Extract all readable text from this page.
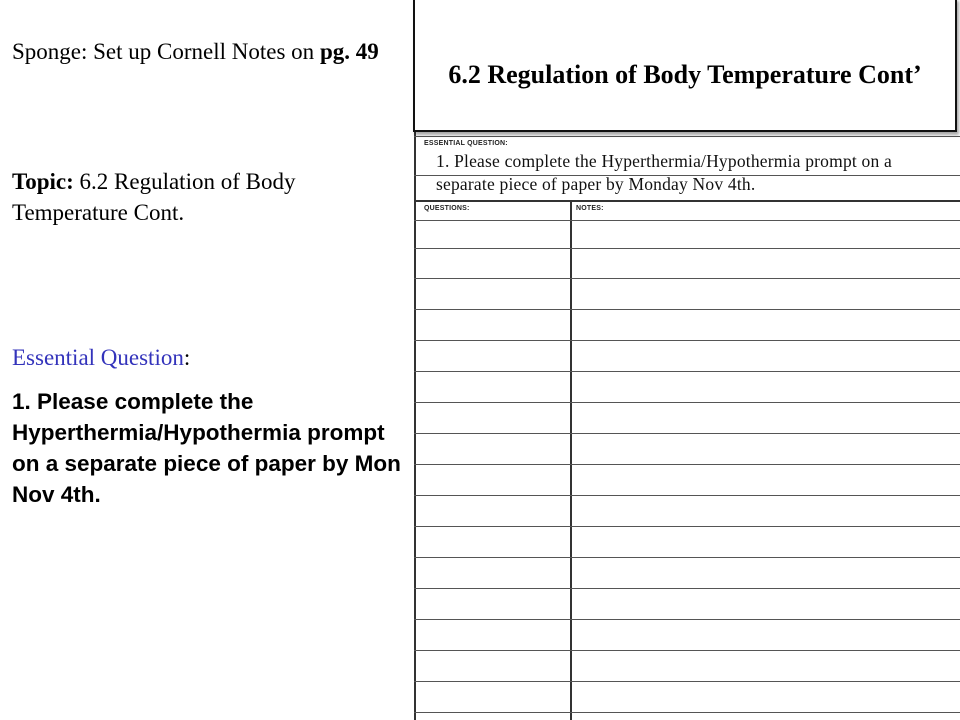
Sponge: Set up Cornell Notes on pg. 49

Topic: 6.2 Regulation of Body Temperature Cont.

Essential Question:

1. Please complete the Hyperthermia/Hypothermia prompt on a separate piece of paper by Mon Nov 4th.

ESSENTIAL QUESTION:
QUESTIONS:	NOTES:
1. Please complete the Hyperthermia/Hypothermia prompt on a separate piece of paper by Monday Nov 4th.
6.2 Regulation of Body Temperature Cont’
